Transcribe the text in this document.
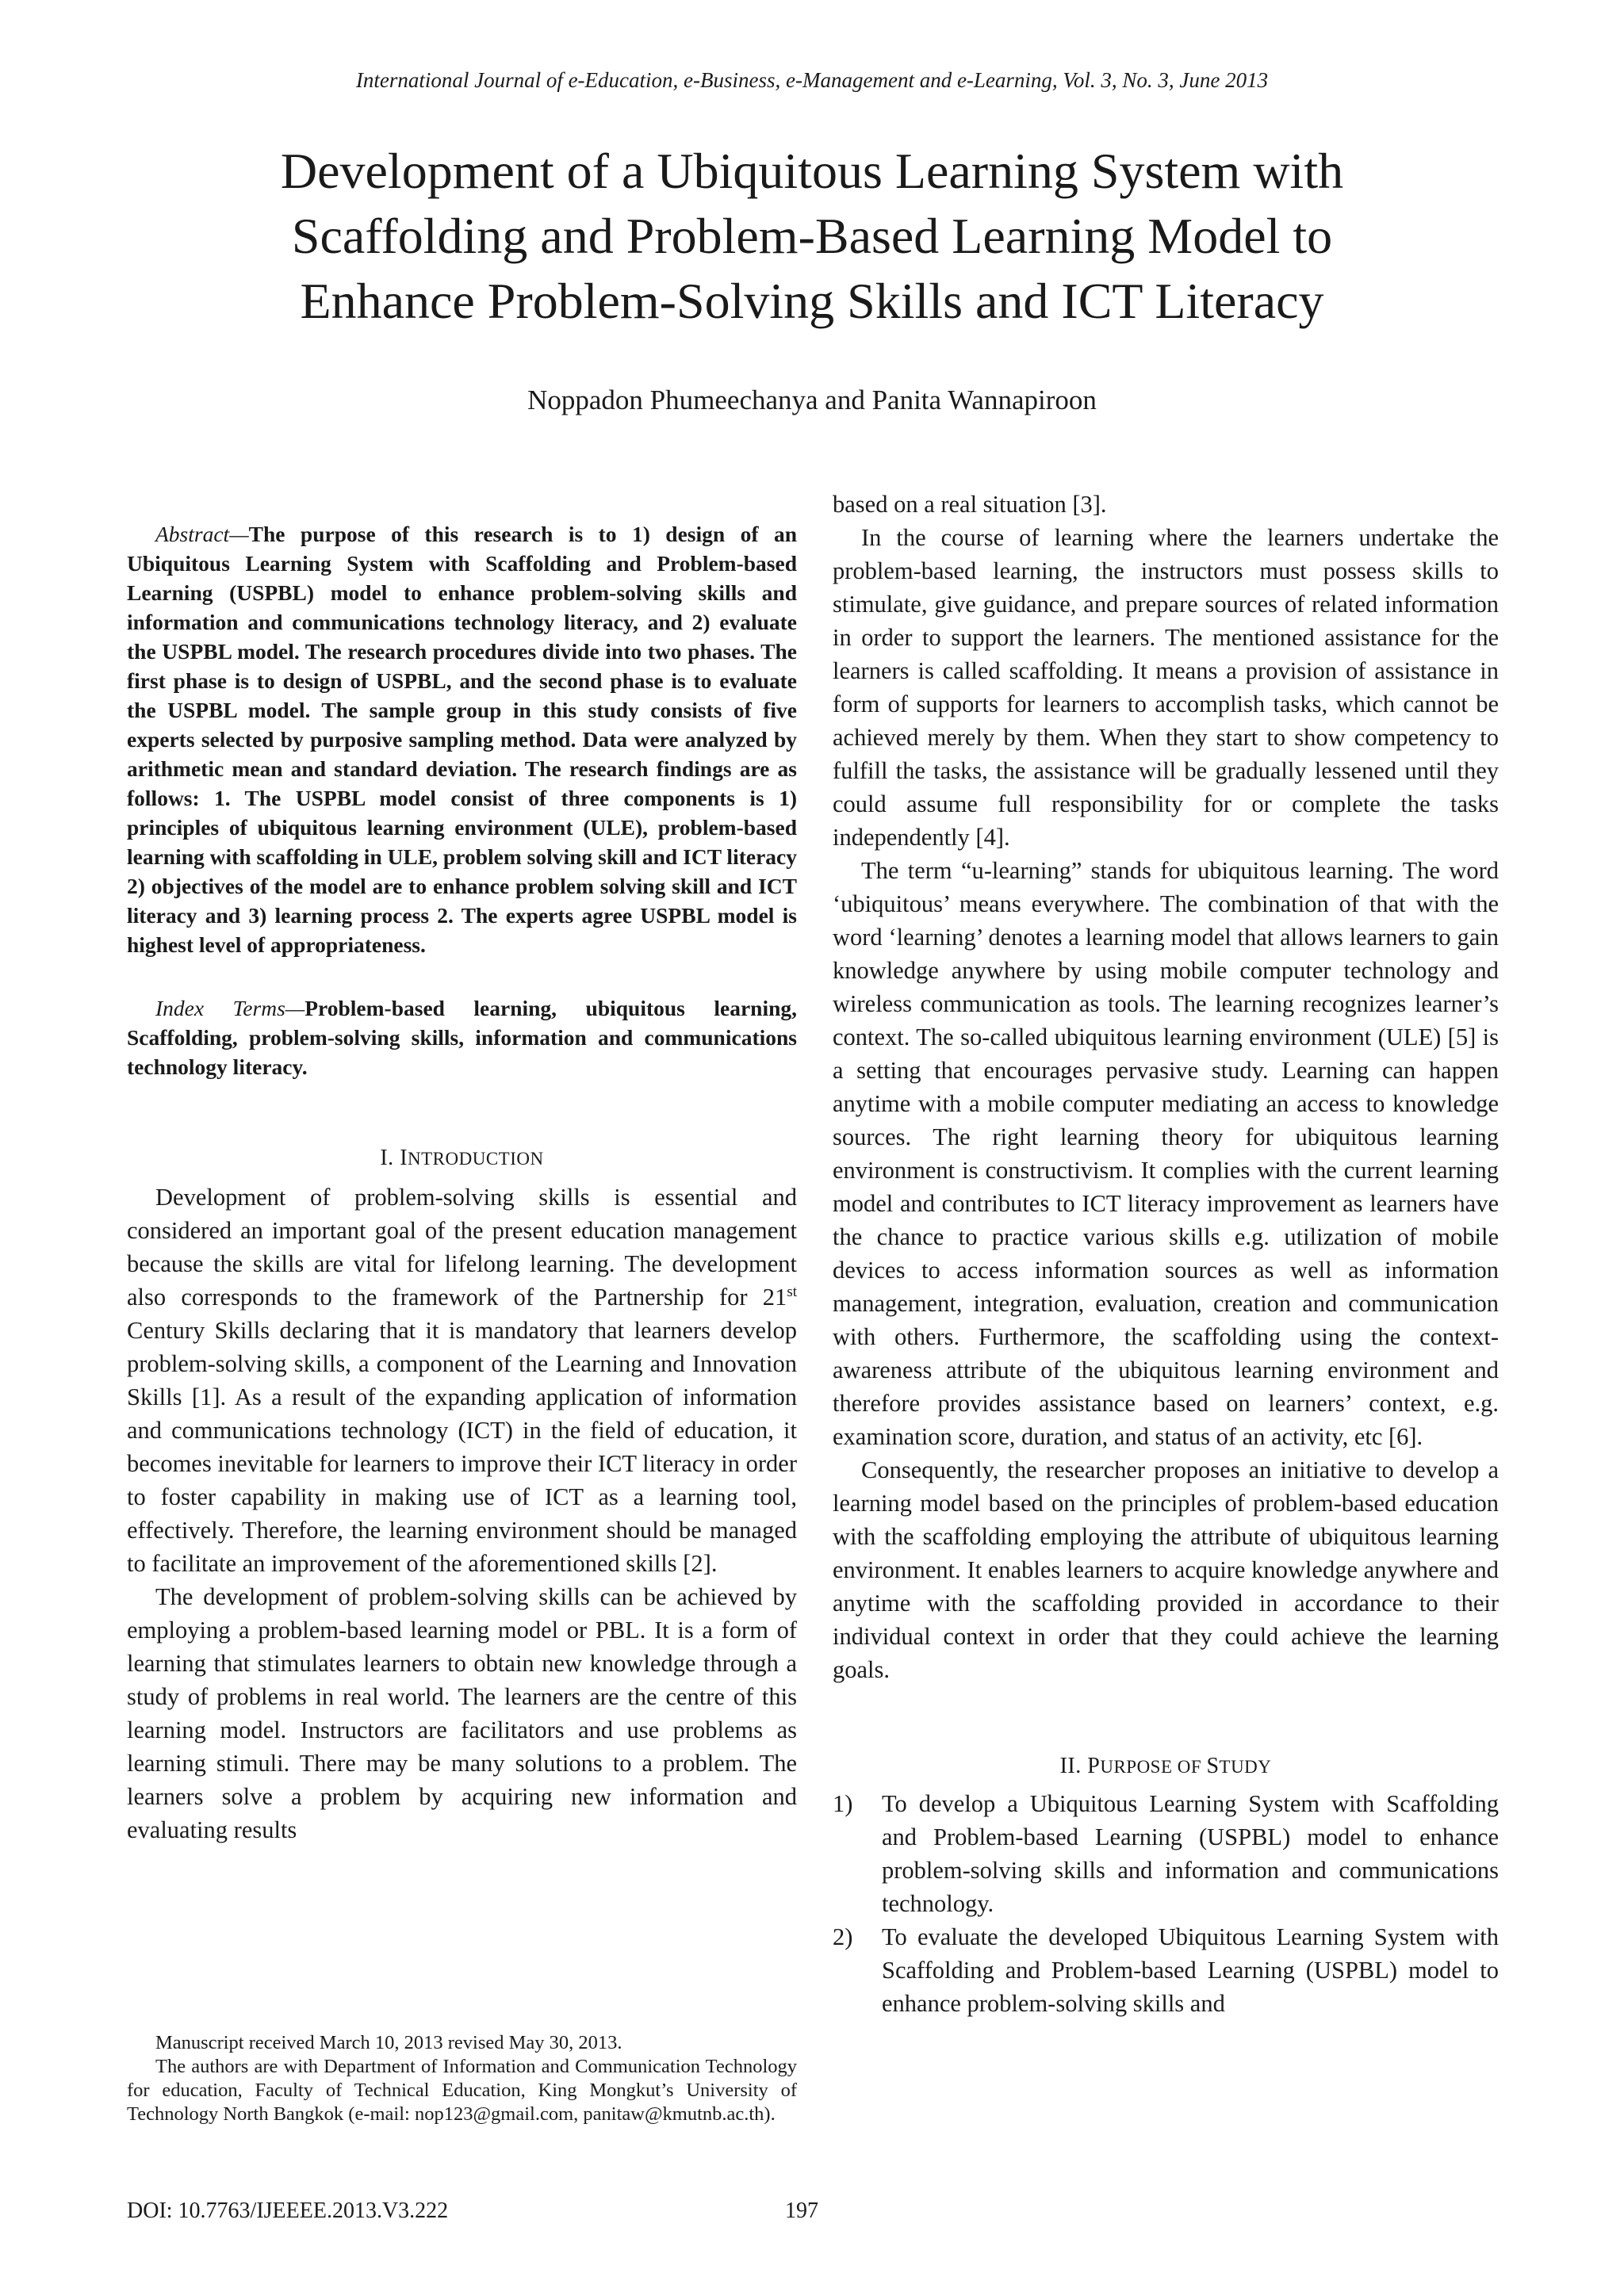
International Journal of e-Education, e-Business, e-Management and e-Learning, Vol. 3, No. 3, June 2013
Development of a Ubiquitous Learning System with
Scaffolding and Problem-Based Learning Model to
Enhance Problem-Solving Skills and ICT Literacy
Noppadon Phumeechanya and Panita Wannapiroon

Abstract—The purpose of this research is to 1) design of an Ubiquitous Learning System with Scaffolding and Problem-based Learning (USPBL) model to enhance problem-solving skills and information and communications technology literacy, and 2) evaluate the USPBL model. The research procedures divide into two phases. The first phase is to design of USPBL, and the second phase is to evaluate the USPBL model. The sample group in this study consists of five experts selected by purposive sampling method. Data were analyzed by arithmetic mean and standard deviation. The research findings are as follows: 1. The USPBL model consist of three components is 1) principles of ubiquitous learning environment (ULE), problem-based learning with scaffolding in ULE, problem solving skill and ICT literacy 2) objectives of the model are to enhance problem solving skill and ICT literacy and 3) learning process 2. The experts agree USPBL model is highest level of appropriateness.

Index Terms—Problem-based learning, ubiquitous learning, Scaffolding, problem-solving skills, information and communications technology literacy.

I. INTRODUCTION

Development of problem-solving skills is essential and considered an important goal of the present education management because the skills are vital for lifelong learning. The development also corresponds to the framework of the Partnership for 21st Century Skills declaring that it is mandatory that learners develop problem-solving skills, a component of the Learning and Innovation Skills [1]. As a result of the expanding application of information and communications technology (ICT) in the field of education, it becomes inevitable for learners to improve their ICT literacy in order to foster capability in making use of ICT as a learning tool, effectively. Therefore, the learning environment should be managed to facilitate an improvement of the aforementioned skills [2].

The development of problem-solving skills can be achieved by employing a problem-based learning model or PBL. It is a form of learning that stimulates learners to obtain new knowledge through a study of problems in real world. The learners are the centre of this learning model. Instructors are facilitators and use problems as learning stimuli. There may be many solutions to a problem. The learners solve a problem by acquiring new information and evaluating results

Manuscript received March 10, 2013 revised May 30, 2013.

The authors are with Department of Information and Communication Technology for education, Faculty of Technical Education, King Mongkut’s University of Technology North Bangkok (e-mail: nop123@gmail.com, panitaw@kmutnb.ac.th).

based on a real situation [3].

In the course of learning where the learners undertake the problem-based learning, the instructors must possess skills to stimulate, give guidance, and prepare sources of related information in order to support the learners. The mentioned assistance for the learners is called scaffolding. It means a provision of assistance in form of supports for learners to accomplish tasks, which cannot be achieved merely by them. When they start to show competency to fulfill the tasks, the assistance will be gradually lessened until they could assume full responsibility for or complete the tasks independently [4].

The term “u-learning” stands for ubiquitous learning. The word ‘ubiquitous’ means everywhere. The combination of that with the word ‘learning’ denotes a learning model that allows learners to gain knowledge anywhere by using mobile computer technology and wireless communication as tools. The learning recognizes learner’s context. The so-called ubiquitous learning environment (ULE) [5] is a setting that encourages pervasive study. Learning can happen anytime with a mobile computer mediating an access to knowledge sources. The right learning theory for ubiquitous learning environment is constructivism. It complies with the current learning model and contributes to ICT literacy improvement as learners have the chance to practice various skills e.g. utilization of mobile devices to access information sources as well as information management, integration, evaluation, creation and communication with others. Furthermore, the scaffolding using the context-awareness attribute of the ubiquitous learning environment and therefore provides assistance based on learners’ context, e.g. examination score, duration, and status of an activity, etc [6].

Consequently, the researcher proposes an initiative to develop a learning model based on the principles of problem-based education with the scaffolding employing the attribute of ubiquitous learning environment. It enables learners to acquire knowledge anywhere and anytime with the scaffolding provided in accordance to their individual context in order that they could achieve the learning goals.

II. PURPOSE OF STUDY
1) To develop a Ubiquitous Learning System with Scaffolding and Problem-based Learning (USPBL) model to enhance problem-solving skills and information and communications technology.
2) To evaluate the developed Ubiquitous Learning System with Scaffolding and Problem-based Learning (USPBL) model to enhance problem-solving skills and
DOI: 10.7763/IJEEEE.2013.V3.222	197
